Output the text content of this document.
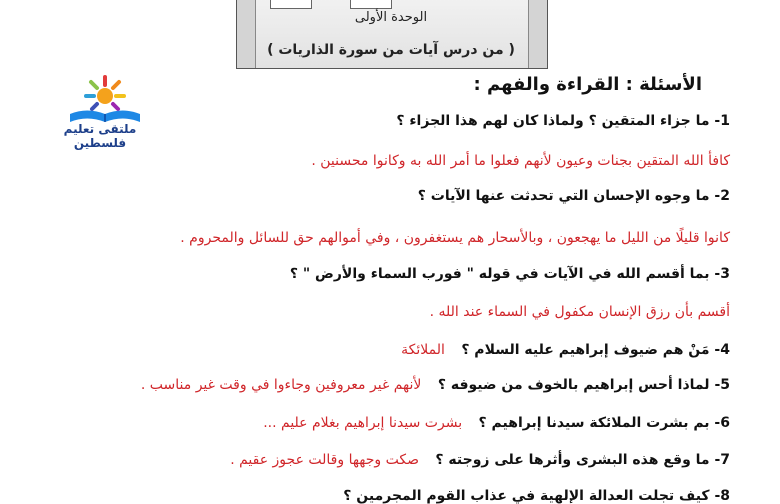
الوحدة الأولى
( من درس آيات من سورة الذاريات )
الأسئلة : القراءة والفهم :
ملتقى تعليم فلسطين
1- ما جزاء المتقين ؟ ولماذا كان لهم هذا الجزاء ؟
كافأ الله المتقين بجنات وعيون لأنهم فعلوا ما أمر الله به وكانوا محسنين .
2- ما وجوه الإحسان التي تحدثت عنها الآيات ؟
كانوا قليلًا من الليل ما يهجعون ، وبالأسحار هم يستغفرون ، وفي أموالهم حق للسائل والمحروم .
3- بما أقسم الله في الآيات في قوله " فورب السماء والأرض " ؟
أقسم بأن رزق الإنسان مكفول في السماء عند الله .
4- مَنْ هم ضيوف إبراهيم عليه السلام ؟ الملائكة
5- لماذا أحس إبراهيم بالخوف من ضيوفه ؟ لأنهم غير معروفين وجاءوا في وقت غير مناسب .
6- بم بشرت الملائكة سيدنا إبراهيم ؟ بشرت سيدنا إبراهيم بغلام عليم ...
7- ما وقع هذه البشرى وأثرها على زوجته ؟ صكت وجهها وقالت عجوز عقيم .
8- كيف تجلت العدالة الإلهية في عذاب القوم المجرمين ؟
